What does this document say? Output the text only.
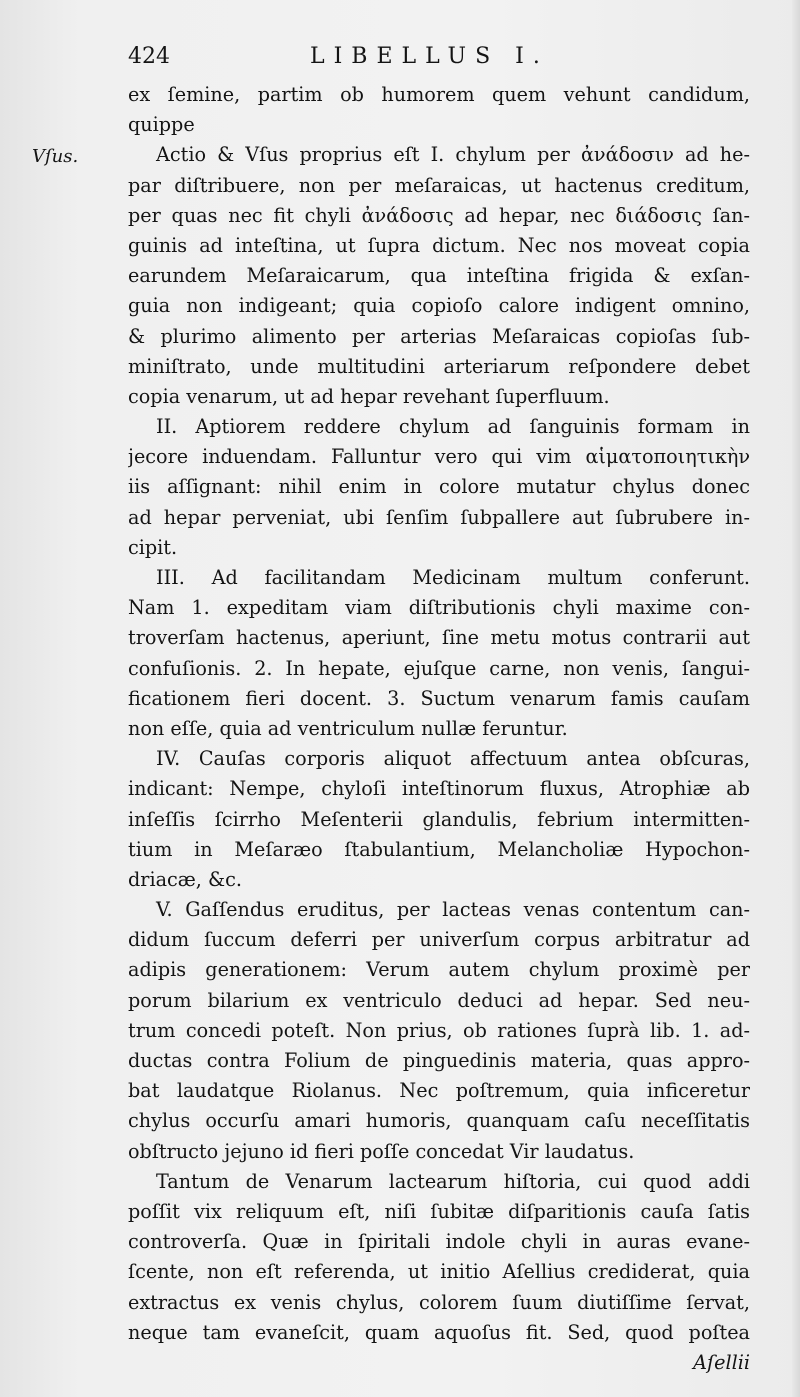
424	LIBELLUS I.
Vſus.
ex ſemine, partim ob humorem quem vehunt candidum,
quippe
Actio & Vſus proprius eſt I. chylum per ἀνάδοσιν ad he-
par diſtribuere, non per meſaraicas, ut hactenus creditum,
per quas nec fit chyli ἀνάδοσις ad hepar, nec διάδοσις ſan-
guinis ad inteſtina, ut ſupra dictum. Nec nos moveat copia
earundem Meſaraicarum, qua inteſtina frigida & exſan-
guia non indigeant; quia copioſo calore indigent omnino,
& plurimo alimento per arterias Meſaraicas copioſas ſub-
miniſtrato, unde multitudini arteriarum reſpondere debet
copia venarum, ut ad hepar revehant ſuperfluum.
II. Aptiorem reddere chylum ad ſanguinis formam in
jecore induendam. Falluntur vero qui vim αἱματοποιητικὴν
iis aſſignant: nihil enim in colore mutatur chylus donec
ad hepar perveniat, ubi ſenſim ſubpallere aut ſubrubere in-
cipit.
III. Ad facilitandam Medicinam multum conferunt.
Nam 1. expeditam viam diſtributionis chyli maxime con-
troverſam hactenus, aperiunt, ſine metu motus contrarii aut
confuſionis. 2. In hepate, ejuſque carne, non venis, ſangui-
ficationem fieri docent. 3. Suctum venarum famis cauſam
non eſſe, quia ad ventriculum nullæ feruntur.
IV. Cauſas corporis aliquot affectuum antea obſcuras,
indicant: Nempe, chyloſi inteſtinorum fluxus, Atrophiæ ab
inſeſſis ſcirrho Meſenterii glandulis, febrium intermitten-
tium in Meſaræo ſtabulantium, Melancholiæ Hypochon-
driacæ, &c.
V. Gaſſendus eruditus, per lacteas venas contentum can-
didum ſuccum deferri per univerſum corpus arbitratur ad
adipis generationem: Verum autem chylum proximè per
porum bilarium ex ventriculo deduci ad hepar. Sed neu-
trum concedi poteſt. Non prius, ob rationes ſuprà lib. 1. ad-
ductas contra Folium de pinguedinis materia, quas appro-
bat laudatque Riolanus. Nec poſtremum, quia inficeretur
chylus occurſu amari humoris, quanquam caſu neceſſitatis
obſtructo jejuno id fieri poſſe concedat Vir laudatus.
Tantum de Venarum lactearum hiſtoria, cui quod addi
poſſit vix reliquum eſt, niſi ſubitæ diſparitionis cauſa ſatis
controverſa. Quæ in ſpiritali indole chyli in auras evane-
ſcente, non eſt referenda, ut initio Aſellius crediderat, quia
extractus ex venis chylus, colorem ſuum diutiſſime ſervat,
neque tam evaneſcit, quam aquoſus fit. Sed, quod poſtea
Aſellii
